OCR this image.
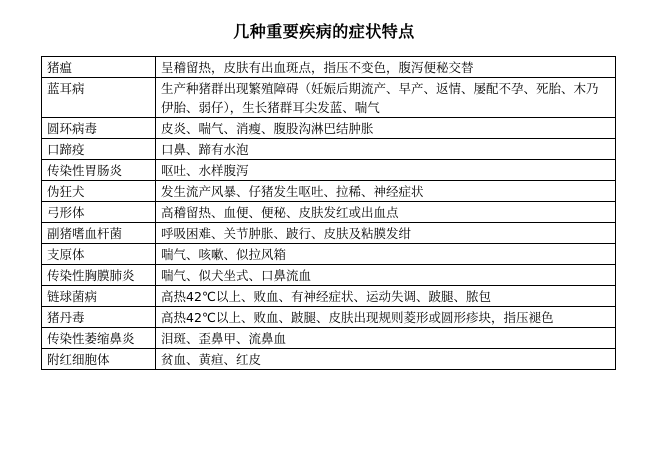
几种重要疾病的症状特点
猪瘟	呈稽留热，皮肤有出血斑点，指压不变色，腹泻便秘交替
蓝耳病	生产种猪群出现繁殖障碍（妊娠后期流产、早产、返情、屡配不孕、死胎、木乃伊胎、弱仔），生长猪群耳尖发蓝、喘气
圆环病毒	皮炎、喘气、消瘦、腹股沟淋巴结肿胀
口蹄疫	口鼻、蹄有水泡
传染性胃肠炎	呕吐、水样腹泻
伪狂犬	发生流产风暴、仔猪发生呕吐、拉稀、神经症状
弓形体	高稽留热、血便、便秘、皮肤发红或出血点
副猪嗜血杆菌	呼吸困难、关节肿胀、跛行、皮肤及粘膜发绀
支原体	喘气、咳嗽、似拉风箱
传染性胸膜肺炎	喘气、似犬坐式、口鼻流血
链球菌病	高热42℃以上、败血、有神经症状、运动失调、跛腿、脓包
猪丹毒	高热42℃以上、败血、跛腿、皮肤出现规则菱形或圆形疹块，指压褪色
传染性萎缩鼻炎	泪斑、歪鼻甲、流鼻血
附红细胞体	贫血、黄疸、红皮
